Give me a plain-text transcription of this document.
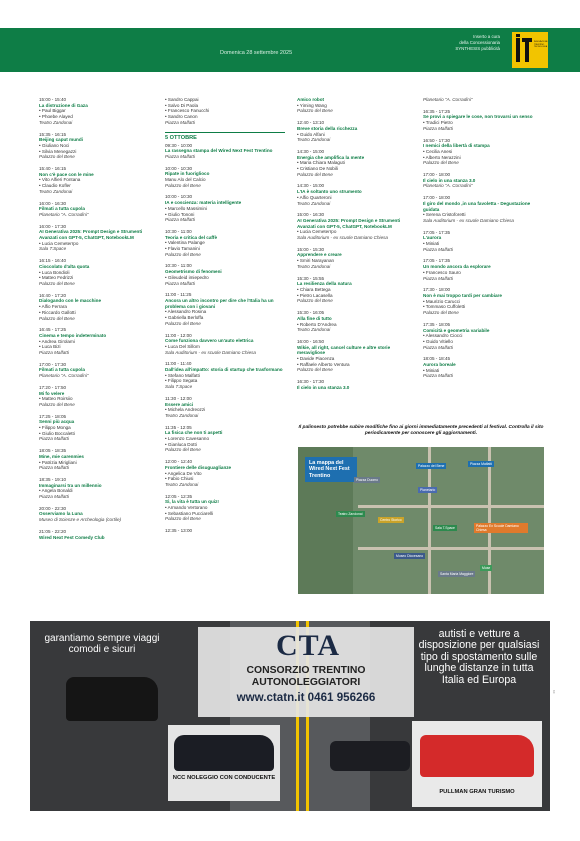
Domenica 28 settembre 2025
Inserto a cura
della Concessionaria
SYNTHESIS pubblicità
INNOVAZIONE TRENTINO TECNOLOGIA
15:00 - 15:40
La distruzione di Gaza
• Paul Biggar
• Phoebe Alayed
Teatro Zandonai
15:35 - 16:15
Beijing caput mundi
• Giuliano Noci
• Silvia Menegazzi
Palazzo del Bene
15:40 - 16:15
Non c'è pace con le mine
• Vito Alfieri Fontana
• Claudio Kofler
Teatro Zandonai
16:00 - 16:30
Filmati a tutta cupola
Planetario "A. Corradini"
16:00 - 17:30
AI Generativa 2025: Prompt Design e Strumenti Avanzati con GPT-5, ChatGPT, NotebookLM
• Lucia Cemeterrpo
Sala T.Space
16:15 - 16:40
Cioccolato d'alta quota
• Luca Bondioli
• Matteo Fedrizzi
Palazzo del Bene
16:40 - 17:20
Dialogando con le macchine
• Alfio Ferrara
• Riccardo Gallotti
Palazzo del Bene
16:45 - 17:25
Cinema e tempo indeterminato
• Andrea Girolami
• Luca Bizi
Piazza Malfatti
17:00 - 17:30
Filmati a tutta cupola
Planetario "A. Corradini"
17:20 - 17:50
Mi fo velere
• Matteo Roirsiio
Palazzo del Bene
17:25 - 18:05
Senni più acqua
• Filippo Monga
• Giulio Boccaletti
Piazza Malfatti
18:05 - 18:35
Mine, mie carenmies
• Patrizia Mirigliani
Piazza Malfatti
18:35 - 19:10
Immaginarsi tra un millennio
• Angela Bonaldi
Piazza Malfatti
20:00 - 22:30
Osserviamo la Luna
Museo di Scienze e Archeologia (cortile)
21:05 - 22:20
Wired Next Fest Comedy Club
• Sandro Cappai
• Salvo Di Paola
• Francesco Fanucchi
• Sandro Canon
Piazza Malfatti
5 OTTOBRE
09:30 - 10:00
La rassegna stampa del Wired Next Fest Trentino
Piazza Malfatti
10:00 - 10:30
Ripate in fuoriglioco
Manu Alo del Calcio
Palazzo del Bene
10:00 - 10:30
IA e coscienza: materia intelligente
• Marcello Massimini
• Giulio Tononi
Piazza Malfatti
10:30 - 11:00
Teoria e critica del caffè
• Valentina Palange
• Flavio Tamanini
Palazzo del Bene
10:30 - 11:00
Geometrismo di fenomeni
• Gileudeid imiepedro
Piazza Malfatti
11:00 - 11:25
Ancora un altro incontro per dire che l'Italia ha un problema con i giovani
• Alessandro Rosina
• Gabriella Berloffa
Palazzo del Bene
11:00 - 12:00
Come funziona davvero un'auto elettrica
• Luca Del Sillom
Sala Auditorium - ex scuole Damiano Chiesa
11:00 - 11:40
Dall'idea all'impatto: storia di startup che trasformano
• Stefano Malfatti
• Filippo Segata
Sala T.Space
11:30 - 12:00
Essere amici
• Michela Andreozzi
Teatro Zandonai
11:35 - 12:05
La fisica che non ti aspetti
• Lorenzo Cavesanno
• Gianluca Dotti
Palazzo del Bene
12:00 - 12:40
Frontiere delle disuguaglianze
• Angelica De Vito
• Fabio Chiusi
Teatro Zandonai
12:05 - 12:35
Sì, la vita è tutta un quiz!
• Armando Vertorano
• Sebastiano Pucciarelli
Palazzo del Bene
12:35 - 13:00
Amico robot
• Yiming Wang
Palazzo del Bene
12:40 - 13:10
Breve storia della ricchezza
• Guido Alfani
Teatro Zandonai
14:30 - 15:00
Energia che amplifica la mente
• Maria Chiara Malaguti
• Cristiano De Nobili
Palazzo del Bene
14:30 - 15:00
L'IA è soltanto uno strumento
• Alfio Quarteroni
Teatro Zandonai
15:00 - 16:30
AI Generativa 2025: Prompt Design e Strumenti Avanzati con GPT-5, ChatGPT, NotebookLM
• Lucia Cemeterrpo
Sala Auditorium - ex scuole Damiano Chiesa
15:00 - 15:30
Apprendere e creare
• Smiri Narayanan
Teatro Zandonai
15:30 - 15:55
La resilienza della natura
• Chiara Bettega
• Pietro Lacasella
Palazzo del Bene
15:30 - 16:05
Alla fine di tutto
• Roberto D'Andrea
Teatro Zandonai
16:00 - 16:50
Wikie, all right, cancel culture e altre storie meravigliose
• Davide Piacenza
• Raffaele Alberto Ventura
Palazzo del Bene
16:30 - 17:30
Il cielo in una stanza 3.0
Planetario "A. Corradini"
16:35 - 17:25
Se provi a spiegare le cose, non trovarsi un senso
• Tradici Pietro
Piazza Malfatti
16:50 - 17:30
I nemici della libertà di stampa
• Cecilia Anesi
• Alberto Nerazzini
Palazzo del Bene
17:00 - 18:00
Il cielo in una stanza 3.0
Planetario "A. Corradini"
17:00 - 18:00
Il giro del mondo ,in una favoletta - Degustazione guidata
• Serena Cristoforetti
Sala Auditorium - ex scuole Damiano Chiesa
17:05 - 17:35
L'aurora
• Miniati
Piazza Malfatti
17:05 - 17:35
Un mondo ancora da esplorare
• Francesco Sauro
Piazza Malfatti
17:30 - 18:00
Non è mai troppo tardi per cambiare
• Maurizio Carucci
• Tommaso Cuffoletti
Palazzo del Bene
17:35 - 18:05
Comicità e geometria variabile
• Alessandro Ciocci
• Guido Vitiello
Piazza Malfatti
18:05 - 18:45
Aurora boreale
• Miniati
Piazza Malfatti
Il palinsesto potrebbe subire modifiche fino ai giorni immediatamente precedenti al festival. Controlla il sito periodicamente per conoscere gli aggiornamenti.
La mappa del Wired Next Fest Trentino
Palazzo del Bene	Piazza Malfatti
Teatro Zandonai
Planetario
Sala T.Space	Palazzo Ex Scuole Damiano Chiesa
Centro Storico
Museo Diocesano
Piazza Duomo
Muse
Santa Maria Maggiore
garantiamo sempre viaggi comodi e sicuri	CTA
CONSORZIO TRENTINO AUTONOLEGGIATORI
www.ctatn.it 0461 956266
autisti e vetture a disposizione per qualsiasi tipo di spostamento sulle lunghe distanze in tutta Italia ed Europa
NCC NOLEGGIO CON CONDUCENTE
PULLMAN GRAN TURISMO
K0
